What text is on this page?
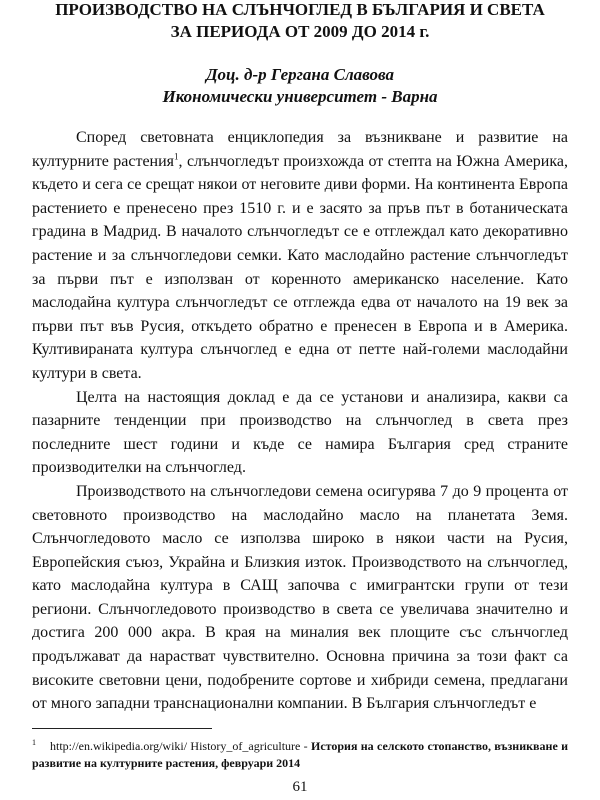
ПРОИЗВОДСТВО НА СЛЪНЧОГЛЕД В БЪЛГАРИЯ И СВЕТА
ЗА ПЕРИОДА ОТ 2009 ДО 2014 г.
Доц. д-р Гергана Славова
Икономически университет - Варна

Според световната енциклопедия за възникване и развитие на културните растения$^1$, слънчогледът произхожда от степта на Южна Америка, където и сега се срещат някои от неговите диви форми. На континента Европа растението е пренесено през 1510 г. и е засято за пръв път в ботаническата градина в Мадрид. В началото слънчогледът се е отглеждал като декоративно растение и за слънчогледови семки. Като маслодайно растение слънчогледът за първи път е използван от коренното американско население. Като маслодайна култура слънчогледът се отглежда едва от началото на 19 век за първи път във Русия, откъдето обратно е пренесен в Европа и в Америка. Култивираната култура слънчоглед е една от петте най-големи маслодайни култури в света.

Целта на настоящия доклад е да се установи и анализира, какви са пазарните тенденции при производство на слънчоглед в света през последните шест години и къде се намира България сред страните производителки на слънчоглед.

Производството на слънчогледови семена осигурява 7 до 9 процента от световното производство на маслодайно масло на планетата Земя. Слънчогледовото масло се използва широко в някои части на Русия, Европейския съюз, Украйна и Близкия изток. Производството на слънчоглед, като маслодайна култура в САЩ започва с имигрантски групи от тези региони. Слънчогледовото производство в света се увеличава значително и достига 200 000 акра. В края на миналия век площите със слънчоглед продължават да нарастват чувствително. Основна причина за този факт са високите световни цени, подобрените сортове и хибриди семена, предлагани от много западни транснационални компании. В България слънчогледът е

$^1$ http://en.wikipedia.org/wiki/ History_of_agriculture - История на селското стопанство, възникване и развитие на културните растения, февруари 2014
61
